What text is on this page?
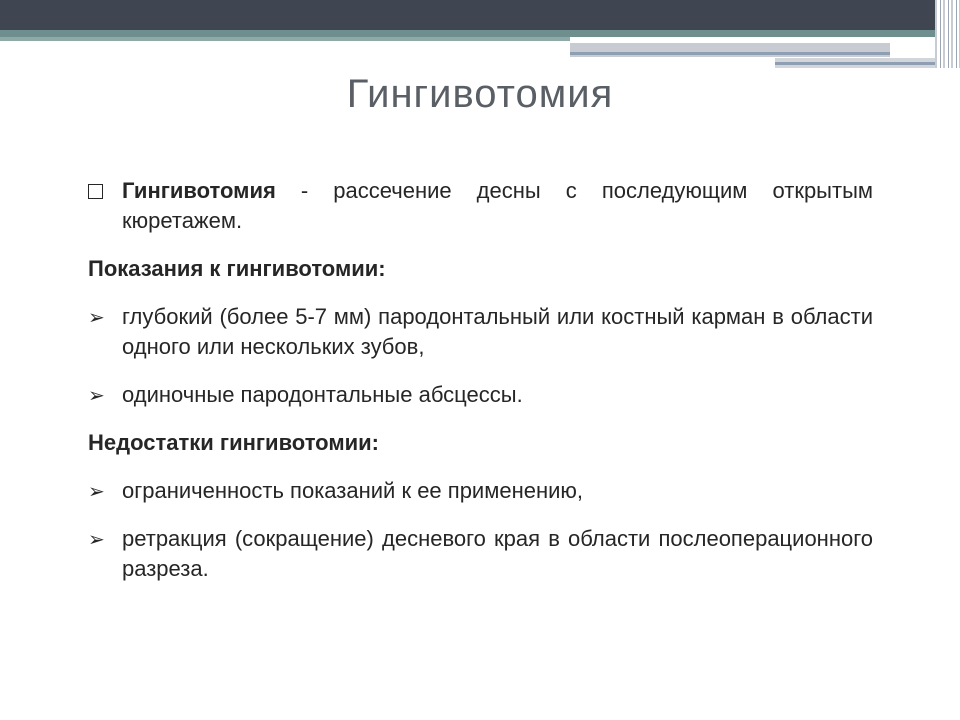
Гингивотомия
Гингивотомия - рассечение десны с последующим открытым кюретажем.
Показания к гингивотомии:
➢ глубокий (более 5-7 мм) пародонтальный или костный карман в области одного или нескольких зубов,
➢ одиночные пародонтальные абсцессы.
Недостатки гингивотомии:
➢ ограниченность показаний к ее применению,
➢ ретракция (сокращение) десневого края в области послеоперационного разреза.
